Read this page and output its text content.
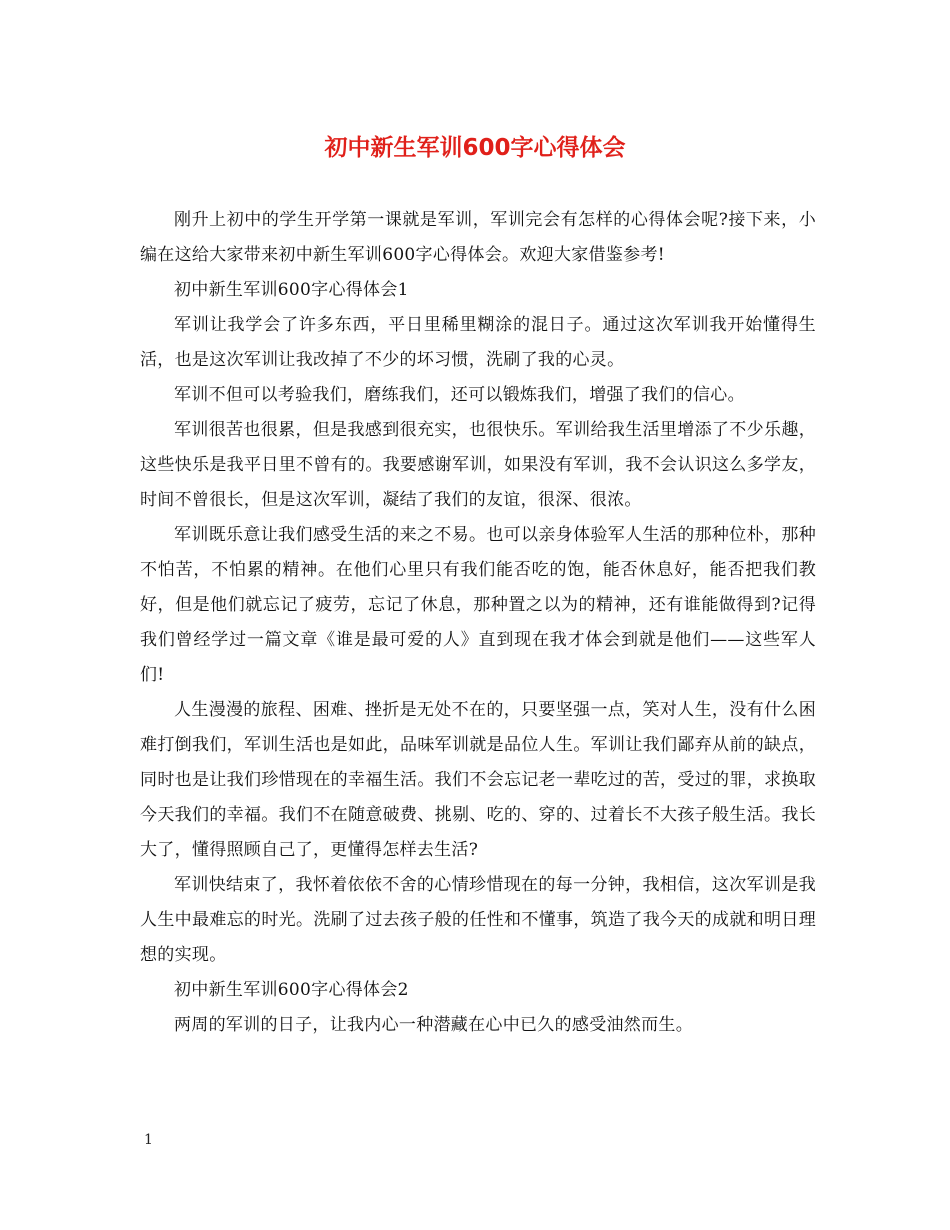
初中新生军训600字心得体会

刚升上初中的学生开学第一课就是军训，军训完会有怎样的心得体会呢?接下来，小编在这给大家带来初中新生军训600字心得体会。欢迎大家借鉴参考!

初中新生军训600字心得体会1

军训让我学会了许多东西，平日里稀里糊涂的混日子。通过这次军训我开始懂得生活，也是这次军训让我改掉了不少的坏习惯，洗刷了我的心灵。

军训不但可以考验我们，磨练我们，还可以锻炼我们，增强了我们的信心。

军训很苦也很累，但是我感到很充实，也很快乐。军训给我生活里增添了不少乐趣，这些快乐是我平日里不曾有的。我要感谢军训，如果没有军训，我不会认识这么多学友，时间不曾很长，但是这次军训，凝结了我们的友谊，很深、很浓。

军训既乐意让我们感受生活的来之不易。也可以亲身体验军人生活的那种位朴，那种不怕苦，不怕累的精神。在他们心里只有我们能否吃的饱，能否休息好，能否把我们教好，但是他们就忘记了疲劳，忘记了休息，那种置之以为的精神，还有谁能做得到?记得我们曾经学过一篇文章《谁是最可爱的人》直到现在我才体会到就是他们——这些军人们!

人生漫漫的旅程、困难、挫折是无处不在的，只要坚强一点，笑对人生，没有什么困难打倒我们，军训生活也是如此，品味军训就是品位人生。军训让我们鄙弃从前的缺点，同时也是让我们珍惜现在的幸福生活。我们不会忘记老一辈吃过的苦，受过的罪，求换取今天我们的幸福。我们不在随意破费、挑剔、吃的、穿的、过着长不大孩子般生活。我长大了，懂得照顾自己了，更懂得怎样去生活?

军训快结束了，我怀着依依不舍的心情珍惜现在的每一分钟，我相信，这次军训是我人生中最难忘的时光。洗刷了过去孩子般的任性和不懂事，筑造了我今天的成就和明日理想的实现。

初中新生军训600字心得体会2

两周的军训的日子，让我内心一种潜藏在心中已久的感受油然而生。

1
